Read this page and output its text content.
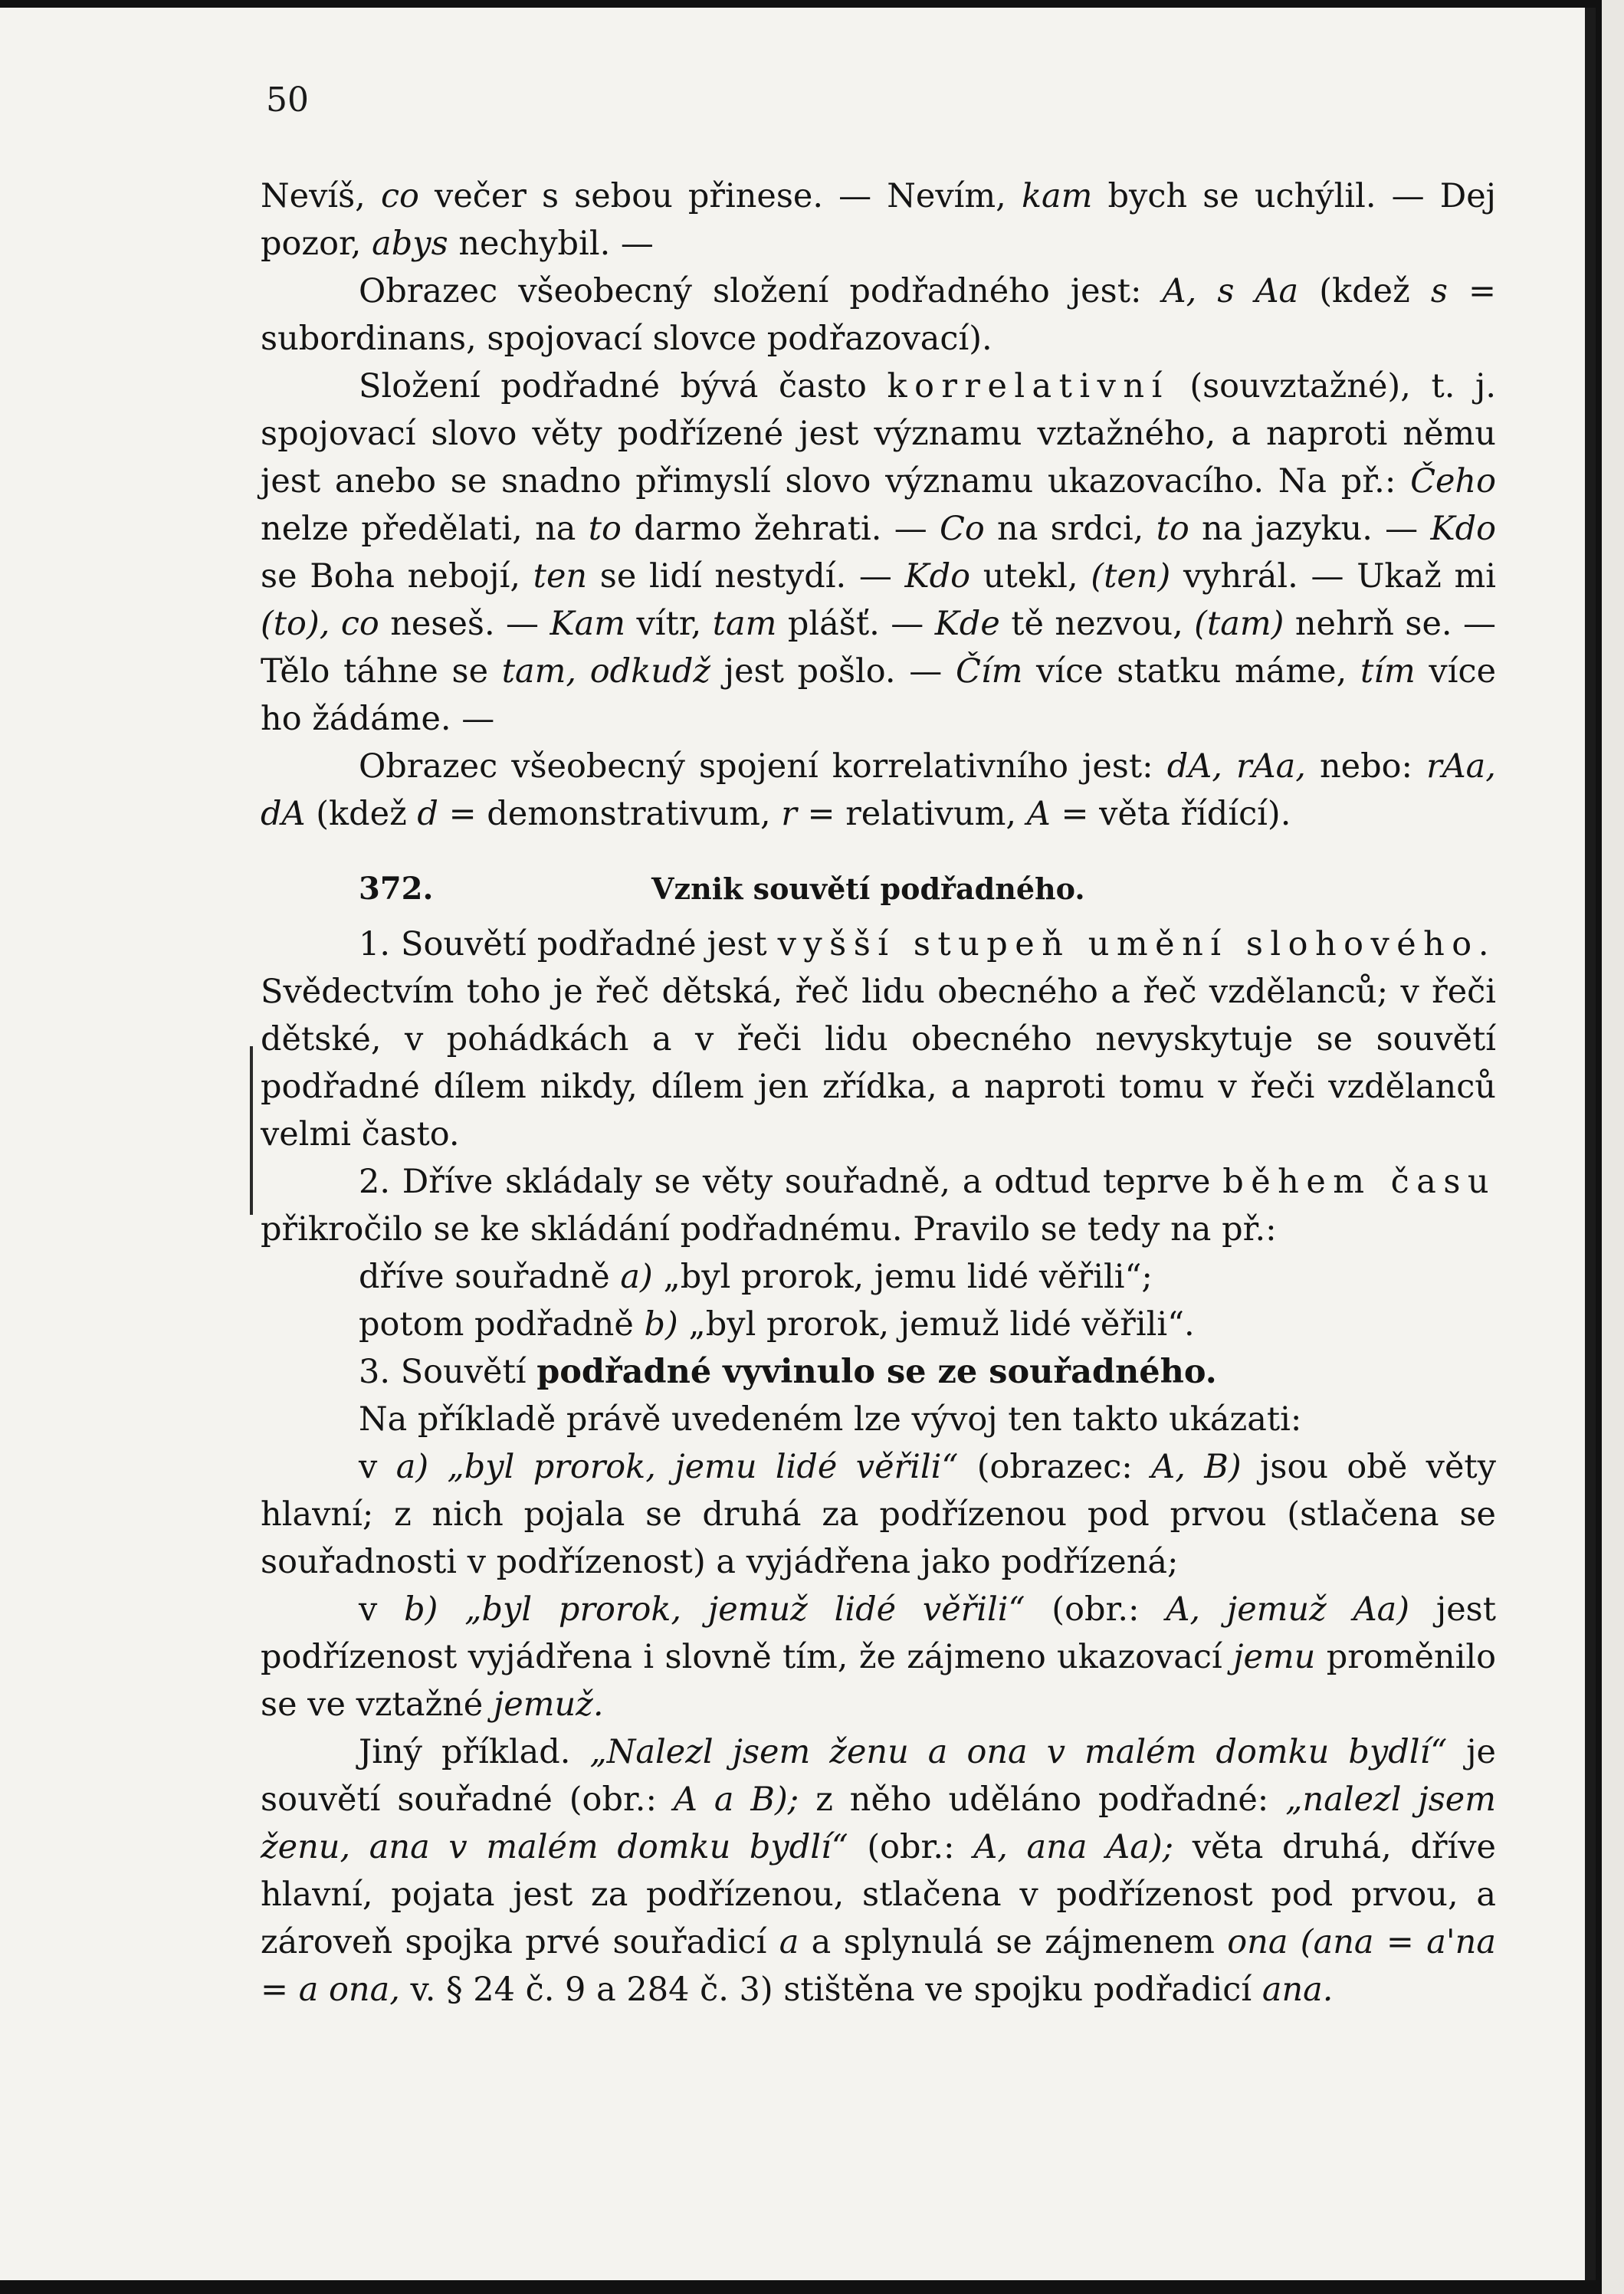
50

Nevíš, co večer s sebou přinese. — Nevím, kam bych se uchýlil. — Dej pozor, abys nechybil. —

Obrazec všeobecný složení podřadného jest: A, s Aa (kdež s = subordinans, spojovací slovce podřazovací).

Složení podřadné bývá často korrelativní (souvztažné), t. j. spojovací slovo věty podřízené jest významu vztažného, a naproti němu jest anebo se snadno přimyslí slovo významu ukazovacího. Na př.: Čeho nelze předělati, na to darmo žehrati. — Co na srdci, to na jazyku. — Kdo se Boha nebojí, ten se lidí nestydí. — Kdo utekl, (ten) vyhrál. — Ukaž mi (to), co neseš. — Kam vítr, tam plášť. — Kde tě nezvou, (tam) nehrň se. — Tělo táhne se tam, odkudž jest pošlo. — Čím více statku máme, tím více ho žádáme. —

Obrazec všeobecný spojení korrelativního jest: dA, rAa, nebo: rAa, dA (kdež d = demonstrativum, r = relativum, A = věta řídící).

372.	Vznik souvětí podřadného.

1. Souvětí podřadné jest vyšší stupeň umění slohového. Svědectvím toho je řeč dětská, řeč lidu obecného a řeč vzdělanců; v řeči dětské, v pohádkách a v řeči lidu obecného nevyskytuje se souvětí podřadné dílem nikdy, dílem jen zřídka, a naproti tomu v řeči vzdělanců velmi často.

2. Dříve skládaly se věty souřadně, a odtud teprve během času přikročilo se ke skládání podřadnému. Pravilo se tedy na př.:

dříve souřadně a) „byl prorok, jemu lidé věřili“;

potom podřadně b) „byl prorok, jemuž lidé věřili“.

3. Souvětí podřadné vyvinulo se ze souřadného.

Na příkladě právě uvedeném lze vývoj ten takto ukázati:

v a) „byl prorok, jemu lidé věřili“ (obrazec: A, B) jsou obě věty hlavní; z nich pojala se druhá za podřízenou pod prvou (stlačena se souřadnosti v podřízenost) a vyjádřena jako podřízená;

v b) „byl prorok, jemuž lidé věřili“ (obr.: A, jemuž Aa) jest podřízenost vyjádřena i slovně tím, že zájmeno ukazovací jemu proměnilo se ve vztažné jemuž.

Jiný příklad. „Nalezl jsem ženu a ona v malém domku bydlí“ je souvětí souřadné (obr.: A a B); z něho uděláno podřadné: „nalezl jsem ženu, ana v malém domku bydlí“ (obr.: A, ana Aa); věta druhá, dříve hlavní, pojata jest za podřízenou, stlačena v podřízenost pod prvou, a zároveň spojka prvé souřadicí a a splynulá se zájmenem ona (ana = a'na = a ona, v. § 24 č. 9 a 284 č. 3) stištěna ve spojku podřadicí ana.
